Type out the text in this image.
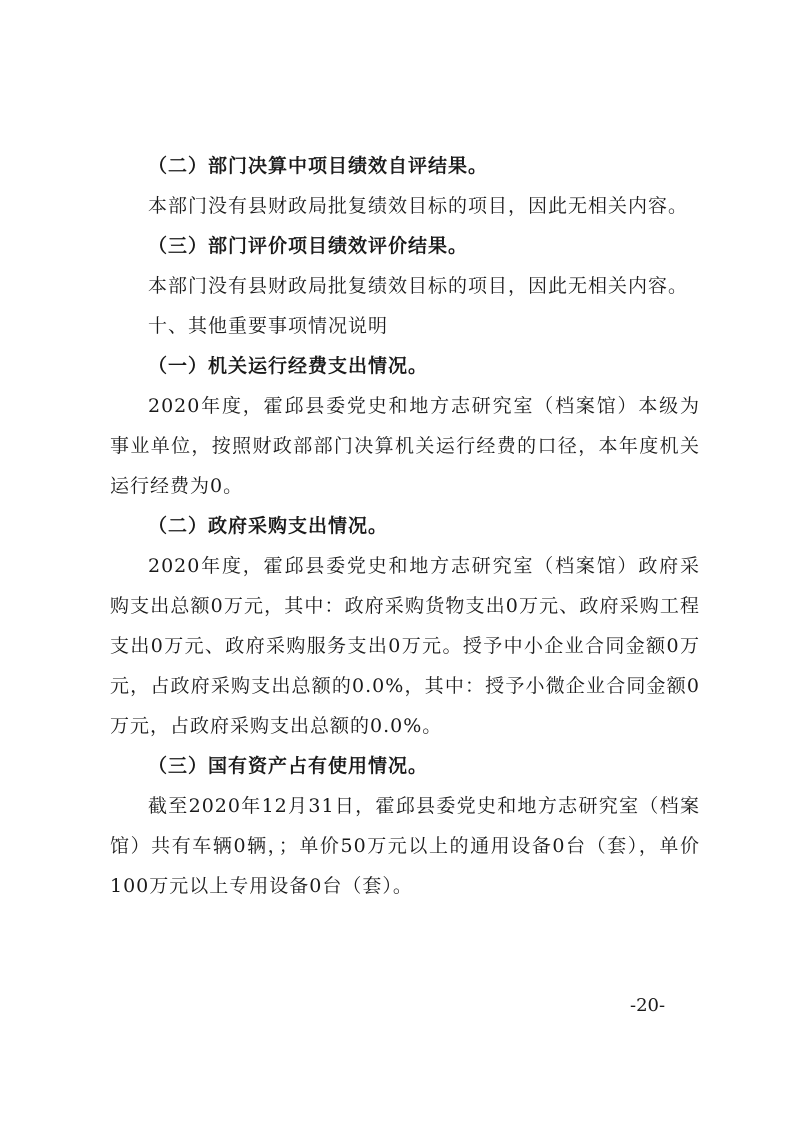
（二）部门决算中项目绩效自评结果。

本部门没有县财政局批复绩效目标的项目，因此无相关内容。

（三）部门评价项目绩效评价结果。

本部门没有县财政局批复绩效目标的项目，因此无相关内容。

十、其他重要事项情况说明

（一）机关运行经费支出情况。

2020年度，霍邱县委党史和地方志研究室（档案馆）本级为事业单位，按照财政部部门决算机关运行经费的口径，本年度机关运行经费为0。

（二）政府采购支出情况。

2020年度，霍邱县委党史和地方志研究室（档案馆）政府采购支出总额0万元，其中：政府采购货物支出0万元、政府采购工程支出0万元、政府采购服务支出0万元。授予中小企业合同金额0万元，占政府采购支出总额的0.0%，其中：授予小微企业合同金额0万元，占政府采购支出总额的0.0%。

（三）国有资产占有使用情况。

截至2020年12月31日，霍邱县委党史和地方志研究室（档案馆）共有车辆0辆，；单价50万元以上的通用设备0台（套），单价100万元以上专用设备0台（套）。

-20-
